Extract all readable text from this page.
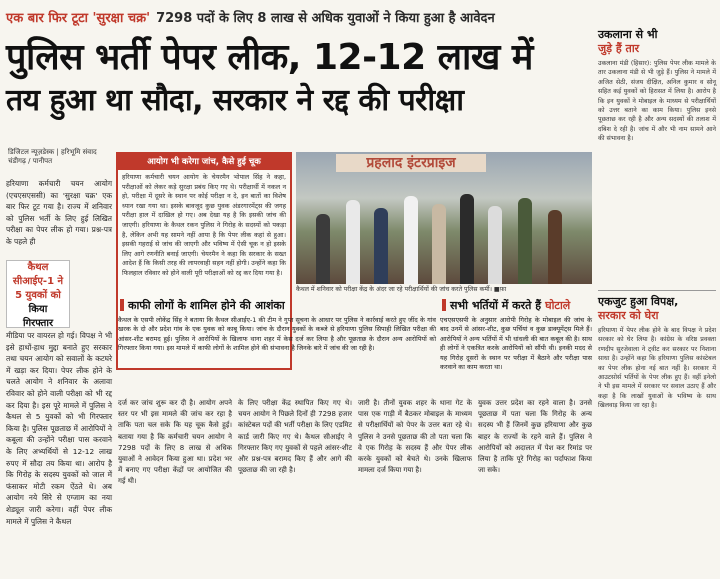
एक बार फिर टूटा 'सुरक्षा चक्र' 7298 पदों के लिए 8 लाख से अधिक युवाओं ने किया हुआ है आवेदन
पुलिस भर्ती पेपर लीक, 12-12 लाख में
तय हुआ था सौदा, सरकार ने रद्द की परीक्षा
डिजिटल न्यूज़डेस्क | हरिभूमि संवाद
चंडीगढ़ / पानीपत

हरियाणा कर्मचारी चयन आयोग (एचएसएससी) का 'सुरक्षा चक्र' एक बार फिर टूट गया है। राज्य में शनिवार को पुलिस भर्ती के लिए हुई लिखित परीक्षा का पेपर लीक हो गया। प्रश्न-पत्र के पहले ही

कैथल
सीआईए-1 ने
5 युवकों को
किया
गिरफ्तार

मीडिया पर वायरल हो गई। विपक्ष ने भी इसे हाथों-हाथ मुद्दा बनाते हुए सरकार तथा चयन आयोग को सवालों के कटघरे में खड़ा कर दिया। पेपर लीक होने के चलते आयोग ने शनिवार के अलावा रविवार को होने वाली परीक्षा को भी रद्द कर दिया है। इस पूरे मामले में पुलिस ने कैथल से 5 युवकों को भी गिरफ्तार किया है। पुलिस पूछताछ में आरोपियों ने कबूला की उन्होंने परीक्षा पास करवाने के लिए अभ्यर्थियों से 12-12 लाख रुपए में सौदा तय किया था। आरोप है कि गिरोह के सदस्य युवकों को जाल में फंसाकर मोटी रकम ऐंठते थे। अब आयोग नये सिरे से एग्जाम का नया शेड्यूल जारी करेगा। वहीं पेपर लीक मामले में पुलिस ने कैथल

आयोग भी करेगा जांच, कैसे हुई चूक
हरियाणा कर्मचारी चयन आयोग के चेयरमैन भोपाल सिंह ने कहा, परीक्षाओं को लेकर कड़े सुरक्षा प्रबंध किए गए थे। परीक्षार्थी में नकल न हो, परीक्षा में दूसरे के स्थान पर कोई परीक्षा न दे, इन बातों का विशेष ध्यान रखा गया था। इसके बावजूद कुछ युवक अंडरगारमेंट्स की जगह परीक्षा हाल में दाखिल हो गए। अब देखा यह है कि इसकी जांच की जाएगी। हरियाणा के कैथल रकन पुलिस ने गिरोह के सदस्यों को पकड़ा है, लेकिन अभी यह सामने नहीं आया है कि पेपर लीक कहां से हुआ। इसकी गहराई से जांच की जाएगी और भविष्य में ऐसी चूक न हो इसके लिए आगे रणनीति बनाई जाएगी। चेयरमैन ने कहा कि सरकार के सख्त आदेश हैं कि किसी तरह की लापरवाही सहन नहीं होगी। उन्होंने कहा कि फिलहाल रविवार को होने वाली पूरी परीक्षाओं को रद्द कर दिया गया है।
प्रहलाद इंटरप्राइज
कैथल में शनिवार को परीक्षा केंद्र के अंदर जा रहे परीक्षार्थियों की जांच करते पुलिस कर्मी। ■फ़ा
काफी लोगों के शामिल होने की आशंका
कैथल के एसपी लोकेंद्र सिंह ने बताया कि कैथल सीआईए-1 की टीम ने गुप्त सूचना के आधार पर पुलिस ने कार्रवाई करते हुए जींद के गांव खरक के दो और प्रदेश गांव के एक युवक को काबू किया। जांच के दौरान युवकों के कब्जे से हरियाणा पुलिस सिपाही लिखित परीक्षा की आंसर-शीट बरामद हुई। पुलिस ने आरोपियों के खिलाफ थाना शहर में केस दर्ज कर लिया है और पूछताछ के दौरान अन्य आरोपियों को गिरफ्तार किया गया। इस मामले में काफी लोगों के शामिल होने की संभावना है जिनके बारे में जांच की जा रही है।
सभी भर्तियों में करते हैं घोटाले
एचएसएसपी के अनुसार आरोपी गिरोह के मोबाइल की जांच के बाद उनमें से आंसर-शीट, कुछ पर्चियां व कुछ डाक्यूमेंट्स मिले हैं। आरोपियों ने अन्य भर्तियों में भी धांधली की बात कबूल की है। साथ ही लोगों ने एकत्रित करके आरोपियों को सौंपी थी। इनकी मदद से यह गिरोह दूसरों के स्थान पर परीक्षा में बैठाने और परीक्षा पास करवाने का काम करता था।
दर्ज कर जांच शुरू कर दी है। आयोग अपने स्तर पर भी इस मामले की जांच कर रहा है ताकि पता चल सके कि यह चूक कैसे हुई। बताया गया है कि कर्मचारी चयन आयोग ने 7298 पदों के लिए 8 लाख से अधिक युवाओं ने आवेदन किया हुआ था। प्रदेश भर में बनाए गए परीक्षा केंद्रों पर आयोजित की गई थी।
के लिए परीक्षा केंद्र स्थापित किए गए थे। चयन आयोग ने पिछले दिनों ही 7298 हजार कांस्टेबल पदों की भर्ती परीक्षा के लिए एडमिट कार्ड जारी किए गए थे। कैथल सीआईए ने गिरफ्तार किए गए युवकों से पहले आंसर-शीट और प्रश्न-पत्र बरामद किए हैं और आगे की पूछताछ की जा रही है।
जारी है। तीनों युवक शहर के थाना गेट के पास एक गाड़ी में बैठकर मोबाइल के माध्यम से परीक्षार्थियों को पेपर के उत्तर बता रहे थे। पुलिस ने उनसे पूछताछ की तो पता चला कि वे एक गिरोह के सदस्य हैं और पेपर लीक करके युवकों को बेचते थे। उनके खिलाफ मामला दर्ज किया गया है।
युवक उत्तर प्रदेश का रहने वाला है। उनसे पूछताछ में पता चला कि गिरोह के अन्य सदस्य भी हैं जिनमें कुछ हरियाणा और कुछ बाहर के राज्यों के रहने वाले हैं। पुलिस ने आरोपियों को अदालत में पेश कर रिमांड पर लिया है ताकि पूरे गिरोह का पर्दाफाश किया जा सके।
उकलाना से भी
जुड़े हैं तार
उकलाना मंडी (हिसार): पुलिस पेपर लीक मामले के तार उकलाना मंडी से भी जुड़े हैं। पुलिस ने मामले में अजित सेठी, संजय दीक्षित, अनिल कुमार व सोनू सहित कई युवकों को हिरासत में लिया है। आरोप है कि इन युवकों ने मोबाइल के माध्यम से परीक्षार्थियों को उत्तर बताने का काम किया। पुलिस इनसे पूछताछ कर रही है और अन्य सदस्यों की तलाश में दबिश दे रही है। जांच में और भी नाम सामने आने की संभावना है।
एकजुट हुआ विपक्ष,
सरकार को घेरा
हरियाणा में पेपर लीक होने के बाद विपक्ष ने प्रदेश सरकार को घेर लिया है। कांग्रेस के वरिष्ठ प्रवक्ता रणदीप सुरजेवाला ने ट्वीट कर सरकार पर निशाना साधा है। उन्होंने कहा कि हरियाणा पुलिस कांस्टेबल का पेपर लीक होना नई बात नहीं है। सरकार में आउटसोर्स भर्तियों के पेपर लीक हुए हैं। वहीं इनेलो ने भी इस मामले में सरकार पर सवाल उठाए हैं और कहा है कि लाखों युवाओं के भविष्य के साथ खिलवाड़ किया जा रहा है।
